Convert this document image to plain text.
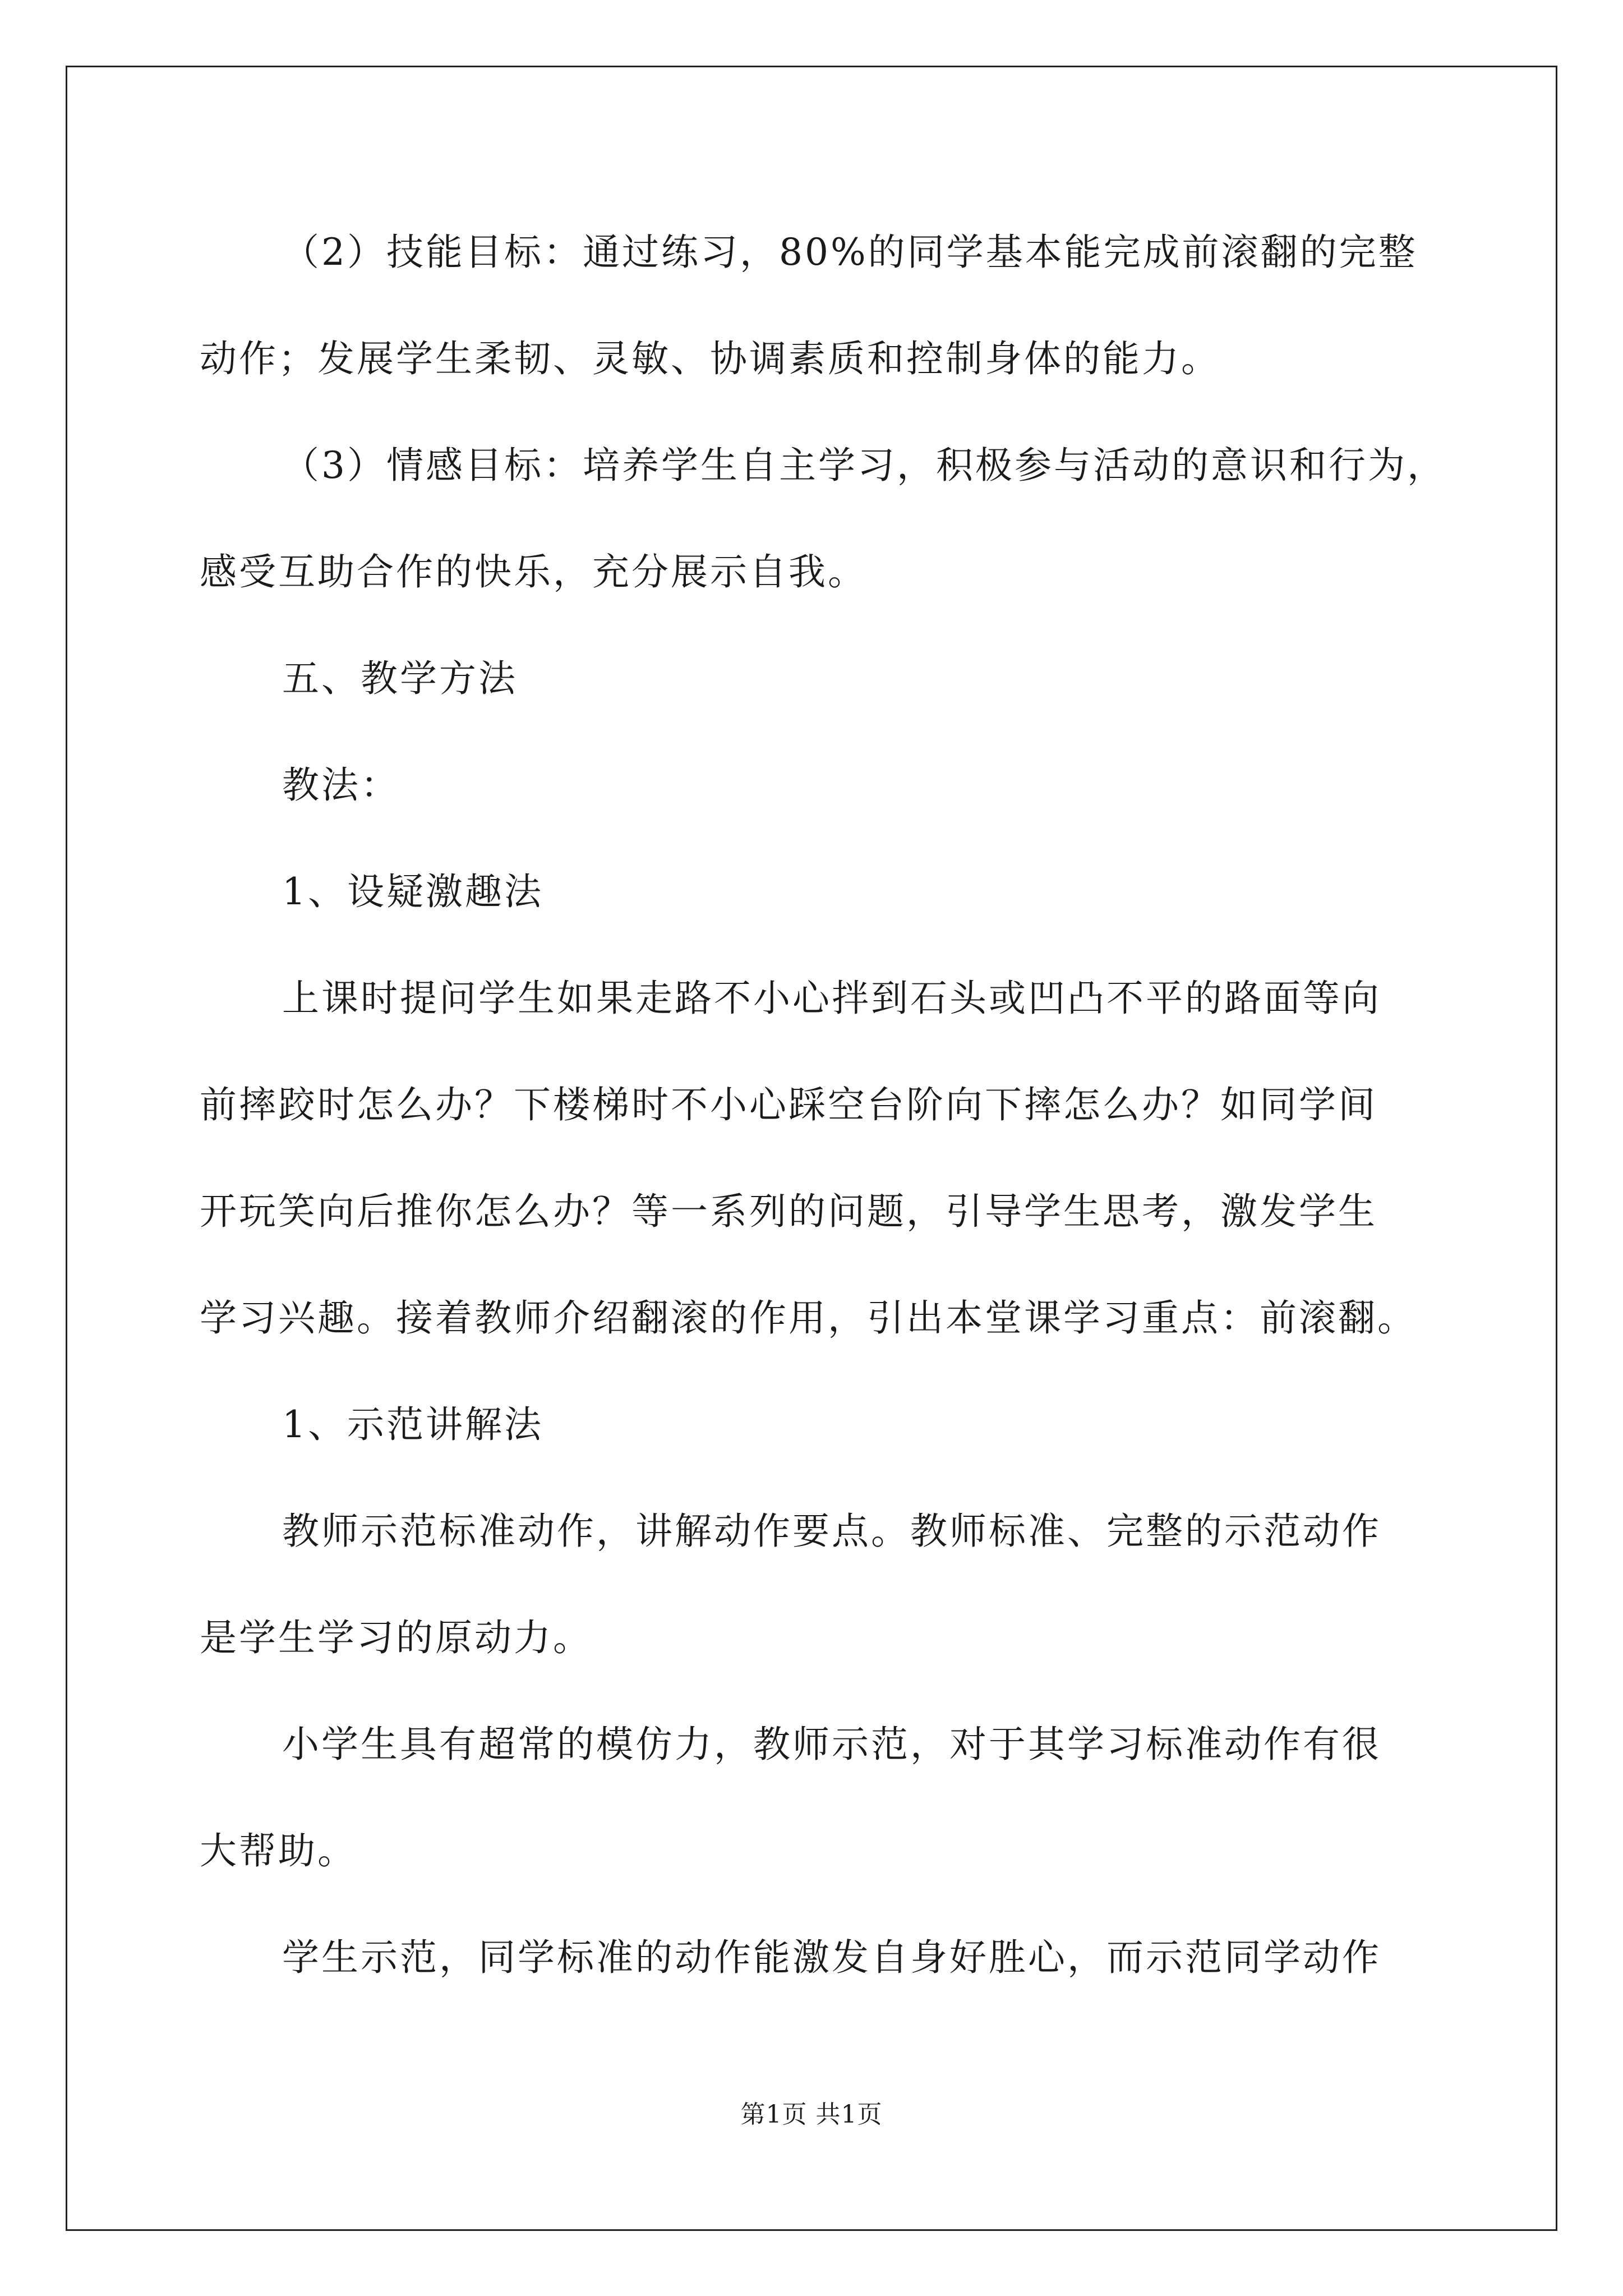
（2）技能目标：通过练习，80%的同学基本能完成前滚翻的完整
动作；发展学生柔韧、灵敏、协调素质和控制身体的能力。
（3）情感目标：培养学生自主学习，积极参与活动的意识和行为，
感受互助合作的快乐，充分展示自我。
五、教学方法
教法：
1、设疑激趣法
上课时提问学生如果走路不小心拌到石头或凹凸不平的路面等向
前摔跤时怎么办？下楼梯时不小心踩空台阶向下摔怎么办？如同学间
开玩笑向后推你怎么办？等一系列的问题，引导学生思考，激发学生
学习兴趣。接着教师介绍翻滚的作用，引出本堂课学习重点：前滚翻。
1、示范讲解法
教师示范标准动作，讲解动作要点。教师标准、完整的示范动作
是学生学习的原动力。
小学生具有超常的模仿力，教师示范，对于其学习标准动作有很
大帮助。
学生示范，同学标准的动作能激发自身好胜心，而示范同学动作
第1页 共1页
